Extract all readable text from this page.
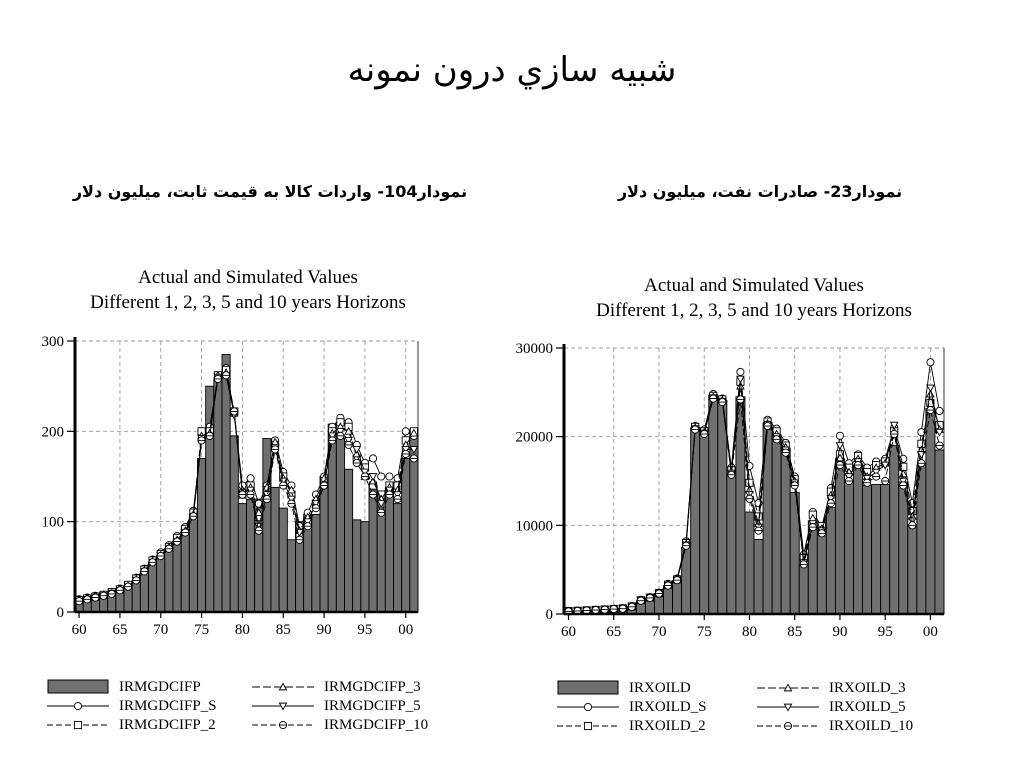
شبيه سازي درون نمونه
نمودار104- واردات كالا به قيمت ثابت، ميليون دلار	نمودار23- صادرات نفت، ميليون دلار
Actual and Simulated Values
Different 1, 2, 3, 5 and 10 years Horizons
0
100
200
300
60 65 70 75 80 85 90 95 00
Actual and Simulated Values
Different 1, 2, 3, 5 and 10 years Horizons
0
10000
20000
30000
60 65 70 75 80 85 90 95 00
IRMGDCIFP
IRMGDCIFP_S
IRMGDCIFP_2
IRMGDCIFP_3
IRMGDCIFP_5
IRMGDCIFP_10
IRXOILD
IRXOILD_S
IRXOILD_2
IRXOILD_3
IRXOILD_5
IRXOILD_10
